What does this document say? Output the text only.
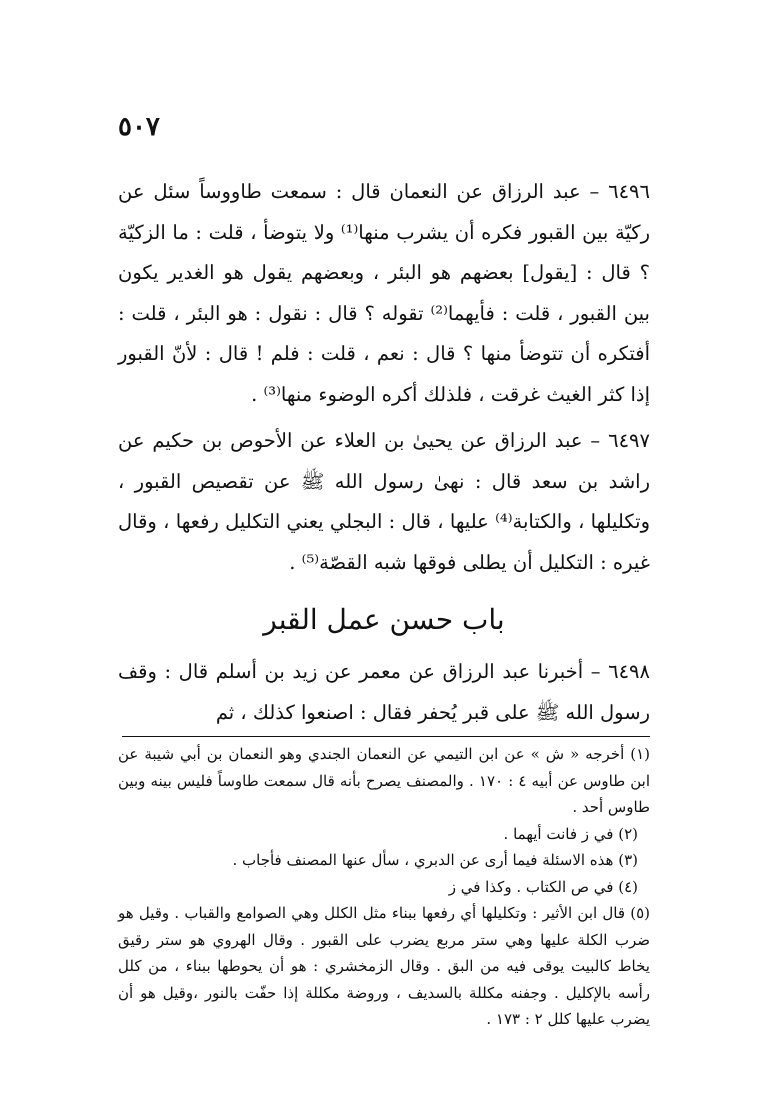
٥٠٧

٦٤٩٦ – عبد الرزاق عن النعمان قال : سمعت طاووساً سئل عن ركيّة بين القبور فكره أن يشرب منها⁽¹⁾ ولا يتوضأ ، قلت : ما الزكيّة ؟ قال : [يقول] بعضهم هو البئر ، وبعضهم يقول هو الغدير يكون بين القبور ، قلت : فأيهما⁽²⁾ تقوله ؟ قال : نقول : هو البئر ، قلت : أفتكره أن تتوضأ منها ؟ قال : نعم ، قلت : فلم ! قال : لأنّ القبور إذا كثر الغيث غرقت ، فلذلك أكره الوضوء منها⁽³⁾ .

٦٤٩٧ – عبد الرزاق عن يحيىٰ بن العلاء عن الأحوص بن حكيم عن راشد بن سعد قال : نهىٰ رسول الله ﷺ عن تقصيص القبور ، وتكليلها ، والكتابة⁽⁴⁾ عليها ، قال : البجلي يعني التكليل رفعها ، وقال غيره : التكليل أن يطلى فوقها شبه القصّة⁽⁵⁾ .

باب حسن عمل القبر

٦٤٩٨ – أخبرنا عبد الرزاق عن معمر عن زيد بن أسلم قال : وقف رسول الله ﷺ على قبر يُحفر فقال : اصنعوا كذلك ، ثم

(١) أخرجه « ش » عن ابن التيمي عن النعمان الجندي وهو النعمان بن أبي شيبة عن ابن طاوس عن أبيه ٤ : ١٧٠ . والمصنف يصرح بأنه قال سمعت طاوساً فليس بينه وبين طاوس أحد .

(٢) في ز فانت أيهما .

(٣) هذه الاسئلة فيما أرى عن الدبري ، سأل عنها المصنف فأجاب .

(٤) في ص الكتاب . وكذا في ز

(٥) قال ابن الأثير : وتكليلها أي رفعها ببناء مثل الكلل وهي الصوامع والقباب . وقيل هو ضرب الكلة عليها وهي ستر مربع يضرب على القبور . وقال الهروي هو ستر رقيق يخاط كالبيت يوقى فيه من البق . وقال الزمخشري : هو أن يحوطها ببناء ، من كلل رأسه بالإكليل . وجفنه مكللة بالسديف ، وروضة مكللة إذا حفّت بالنور ،وقيل هو أن يضرب عليها كلل ٢ : ١٧٣ .
